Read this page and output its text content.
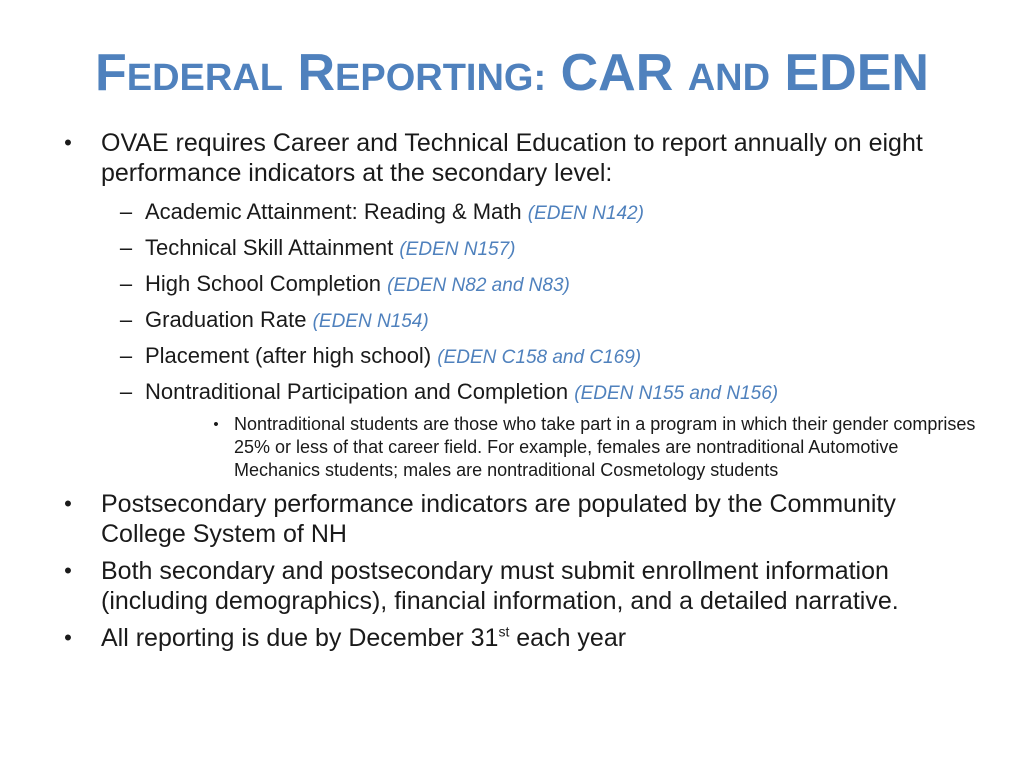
FEDERAL REPORTING: CAR AND EDEN
• OVAE requires Career and Technical Education to report annually on eight performance indicators at the secondary level:
– Academic Attainment: Reading & Math (EDEN N142)
– Technical Skill Attainment (EDEN N157)
– High School Completion (EDEN N82 and N83)
– Graduation Rate (EDEN N154)
– Placement (after high school) (EDEN C158 and C169)
– Nontraditional Participation and Completion (EDEN N155 and N156)
• Nontraditional students are those who take part in a program in which their gender comprises 25% or less of that career field. For example, females are nontraditional Automotive Mechanics students; males are nontraditional Cosmetology students
• Postsecondary performance indicators are populated by the Community College System of NH
• Both secondary and postsecondary must submit enrollment information (including demographics), financial information, and a detailed narrative.
• All reporting is due by December 31st each year
